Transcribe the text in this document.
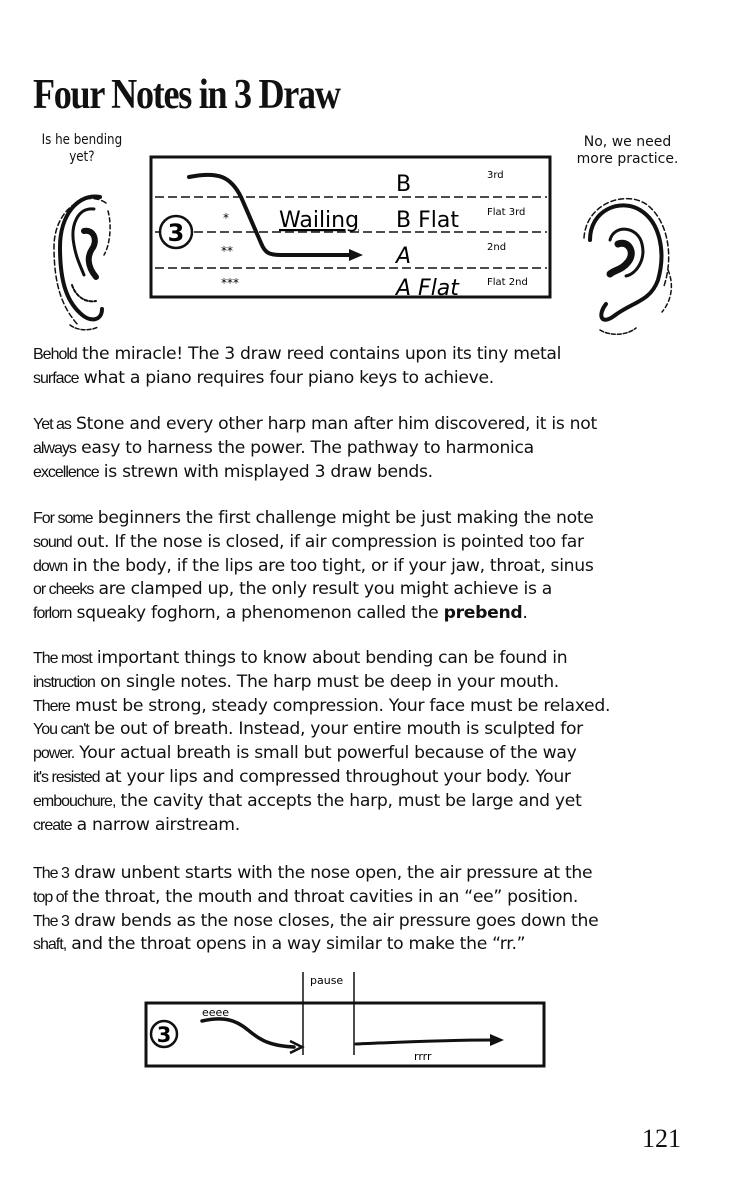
Four Notes in 3 Draw
Is he bending yet?
No, we need more practice.
3
*
**
***
Wailing
B
B Flat
A
A Flat
3rd
Flat 3rd
2nd
Flat 2nd

Behold the miracle! The 3 draw reed contains upon its tiny metal
surface what a piano requires four piano keys to achieve.

Yet as Stone and every other harp man after him discovered, it is not
always easy to harness the power. The pathway to harmonica
excellence is strewn with misplayed 3 draw bends.

For some beginners the first challenge might be just making the note
sound out. If the nose is closed, if air compression is pointed too far
down in the body, if the lips are too tight, or if your jaw, throat, sinus
or cheeks are clamped up, the only result you might achieve is a
forlorn squeaky foghorn, a phenomenon called the prebend.

The most important things to know about bending can be found in
instruction on single notes. The harp must be deep in your mouth.
There must be strong, steady compression. Your face must be relaxed.
You can't be out of breath. Instead, your entire mouth is sculpted for
power. Your actual breath is small but powerful because of the way
it's resisted at your lips and compressed throughout your body. Your
embouchure, the cavity that accepts the harp, must be large and yet
create a narrow airstream.

The 3 draw unbent starts with the nose open, the air pressure at the
top of the throat, the mouth and throat cavities in an “ee” position.
The 3 draw bends as the nose closes, the air pressure goes down the
shaft, and the throat opens in a way similar to make the “rr.”

pause
3
eeee
rrrr
121
